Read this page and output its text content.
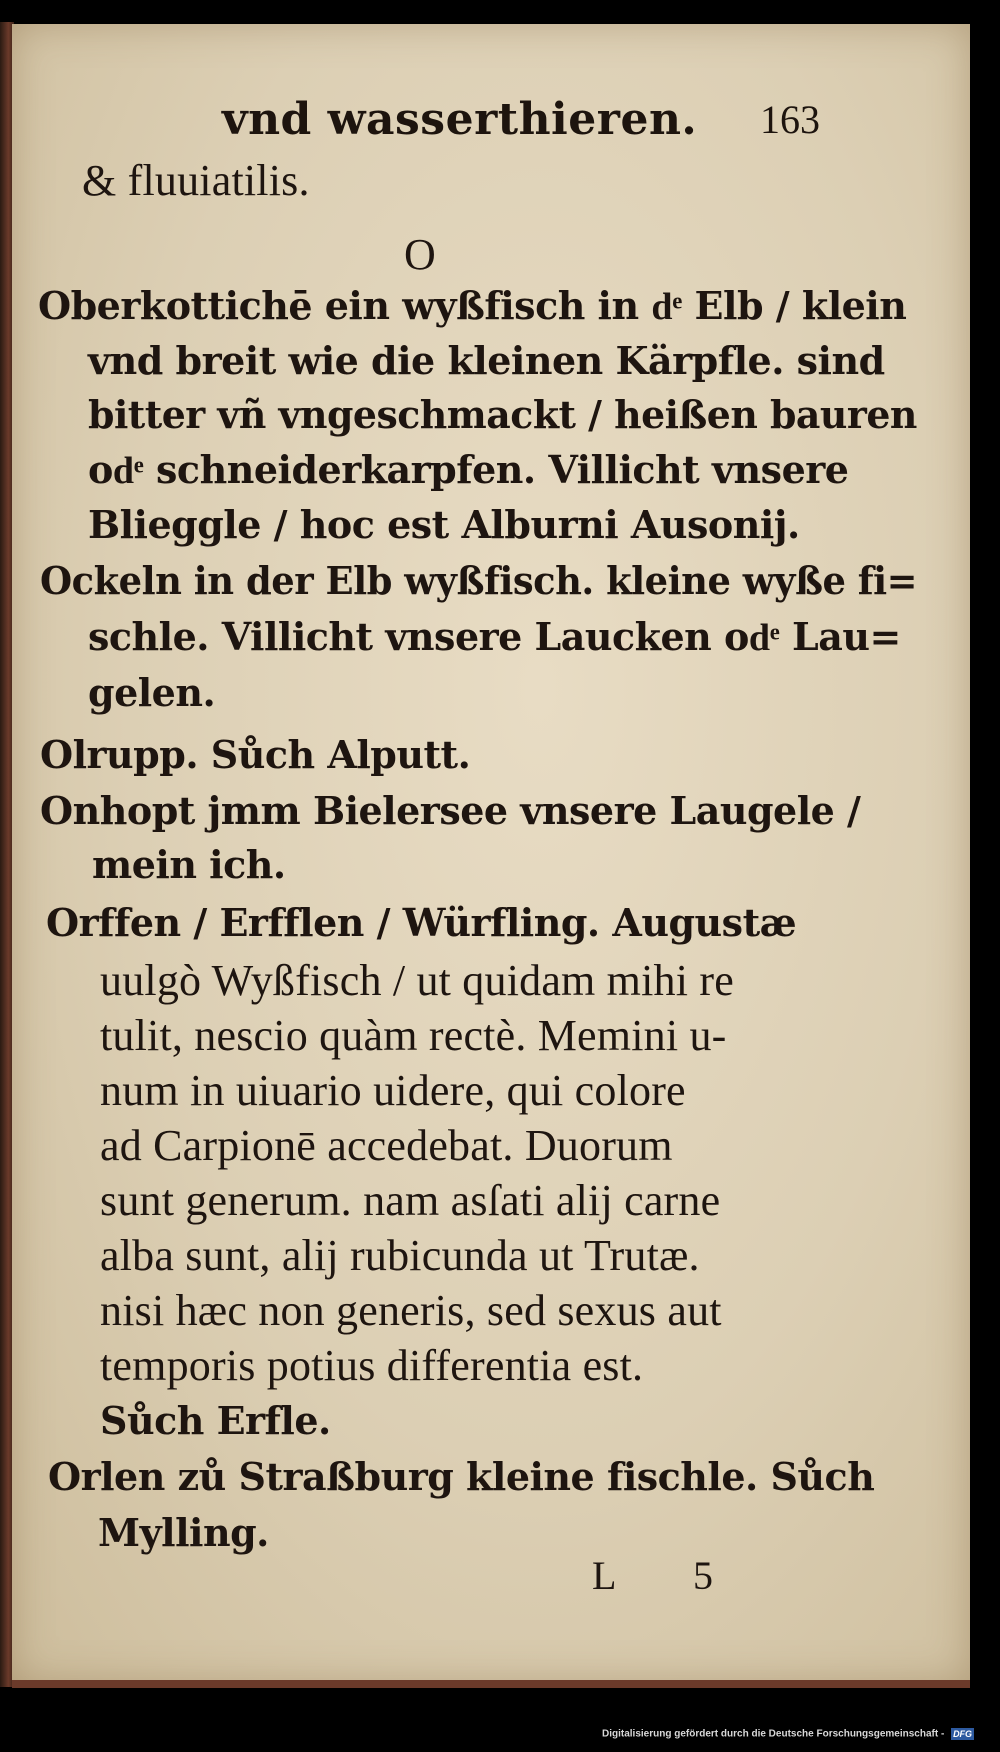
vnd wasserthieren. 163
O
& fluuiatilis.
Oberkottichē ein wyßfisch in dͤ Elb / klein
vnd breit wie die kleinen Kärpfle. sind
bitter vñ vngeschmackt / heißen bauren
odͤ schneiderkarpfen. Villicht vnsere
Blieggle / hoc est Alburni Ausonij.
Ockeln in der Elb wyßfisch. kleine wyße fi=
schle. Villicht vnsere Laucken odͤ Lau=
gelen.
Olrupp. Sůch Alputt.
Onhopt jmm Bielersee vnsere Laugele /
mein ich.
Orffen / Erfflen / Würfling. Augustæ
uulgò Wyßfisch / ut quidam mihi re
tulit, nescio quàm rectè. Memini u-
num in uiuario uidere, qui colore
ad Carpionē accedebat. Duorum
sunt generum. nam asſati alij carne
alba sunt, alij rubicunda ut Trutæ.
nisi hæc non generis, sed sexus aut
temporis potius differentia est.
Sůch Erfle.
Orlen zů Straßburg kleine fischle. Sůch
Mylling.
L 5
Digitalisierung gefördert durch die Deutsche Forschungsgemeinschaft - DFG
